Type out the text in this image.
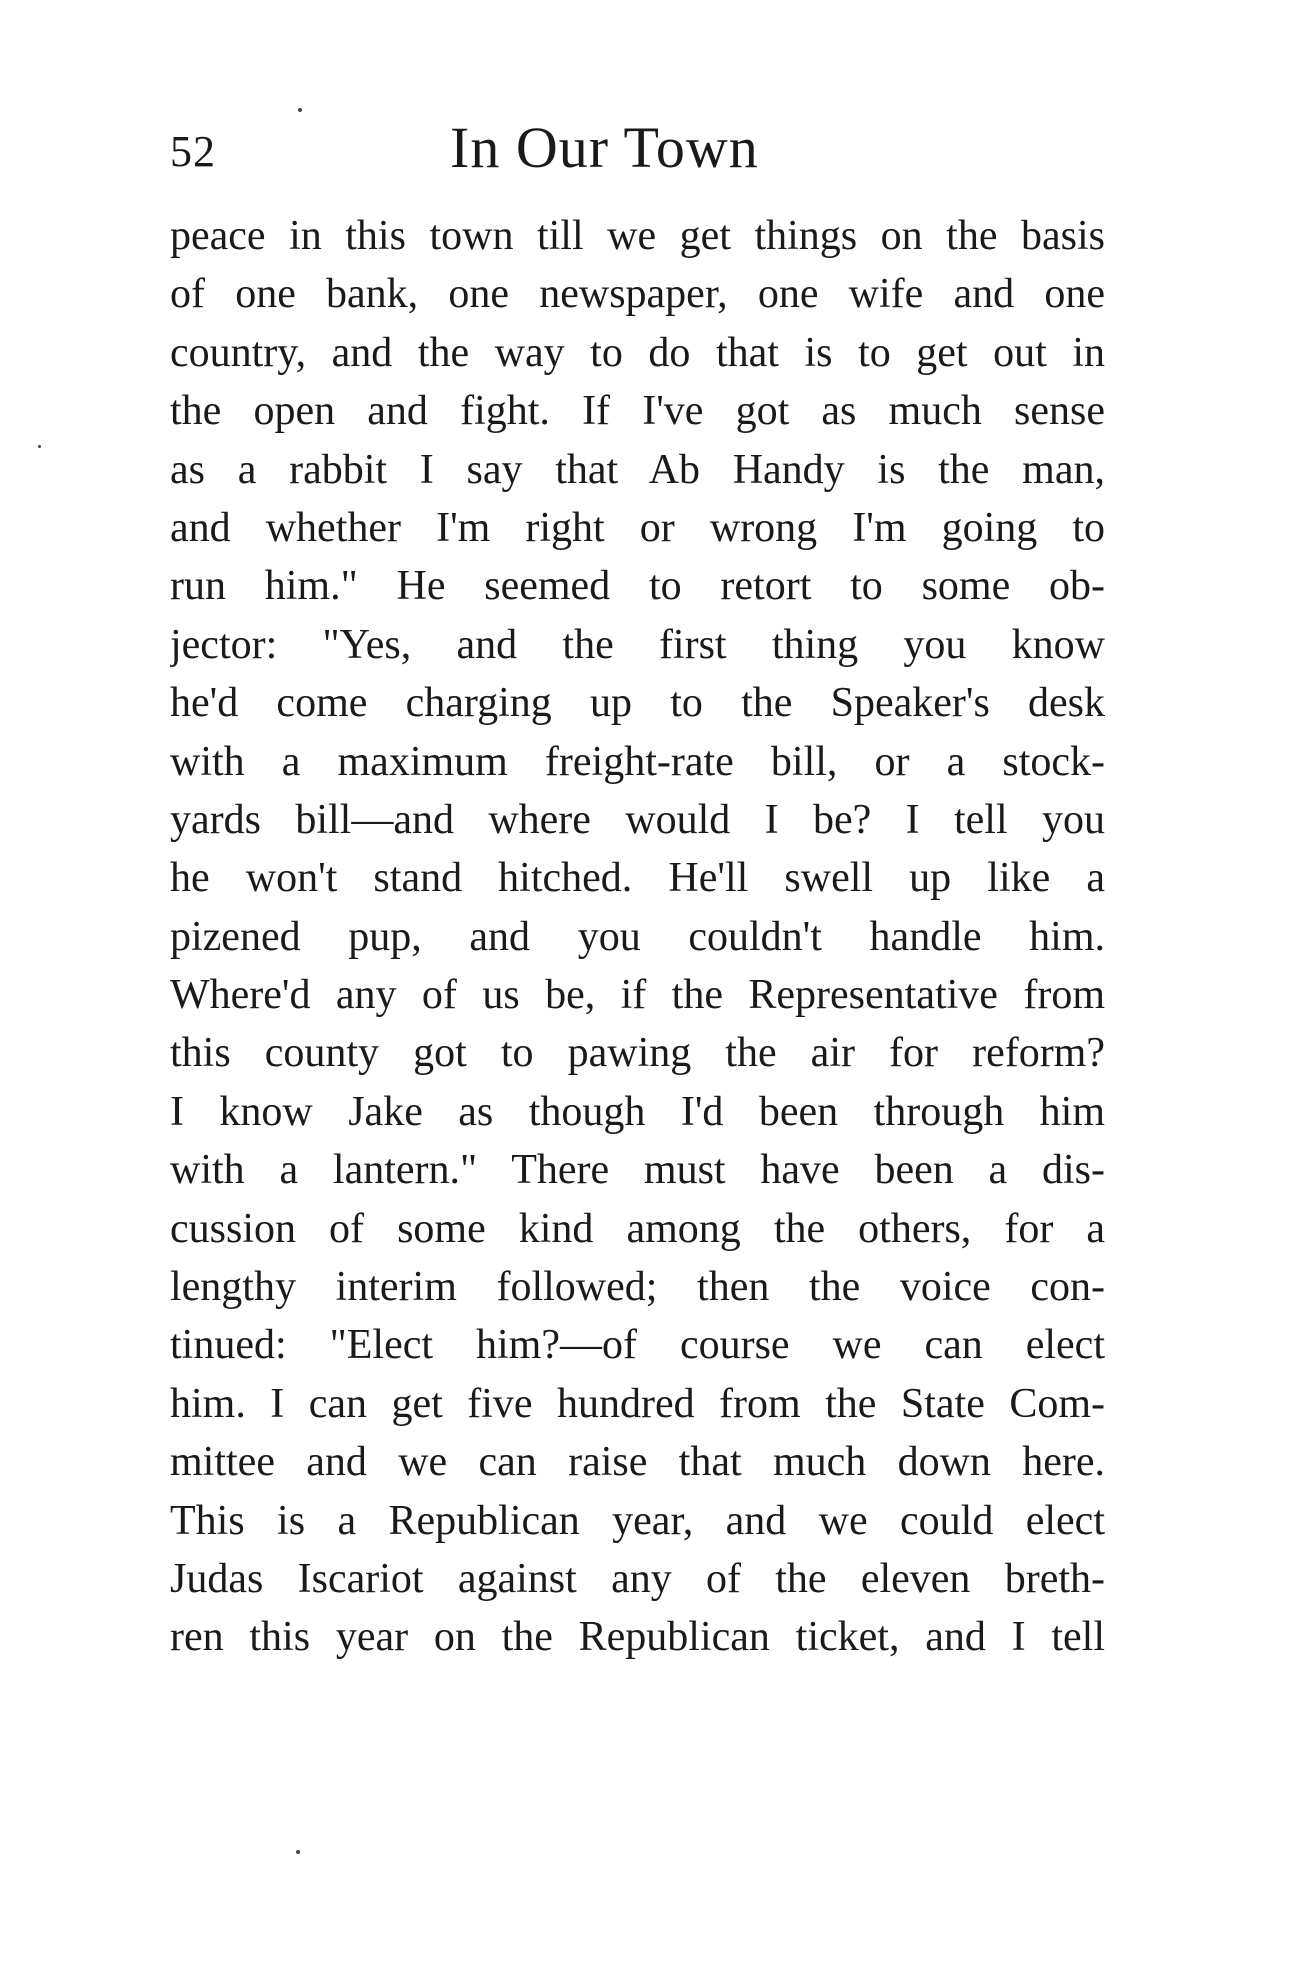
52	In Our Town
peace in this town till we get things on the basis
of one bank, one newspaper, one wife and one
country, and the way to do that is to get out in
the open and fight. If I've got as much sense
as a rabbit I say that Ab Handy is the man,
and whether I'm right or wrong I'm going to
run him." He seemed to retort to some ob-
jector: "Yes, and the first thing you know
he'd come charging up to the Speaker's desk
with a maximum freight-rate bill, or a stock-
yards bill—and where would I be? I tell you
he won't stand hitched. He'll swell up like a
pizened pup, and you couldn't handle him.
Where'd any of us be, if the Representative from
this county got to pawing the air for reform?
I know Jake as though I'd been through him
with a lantern." There must have been a dis-
cussion of some kind among the others, for a
lengthy interim followed; then the voice con-
tinued: "Elect him?—of course we can elect
him. I can get five hundred from the State Com-
mittee and we can raise that much down here.
This is a Republican year, and we could elect
Judas Iscariot against any of the eleven breth-
ren this year on the Republican ticket, and I tell
